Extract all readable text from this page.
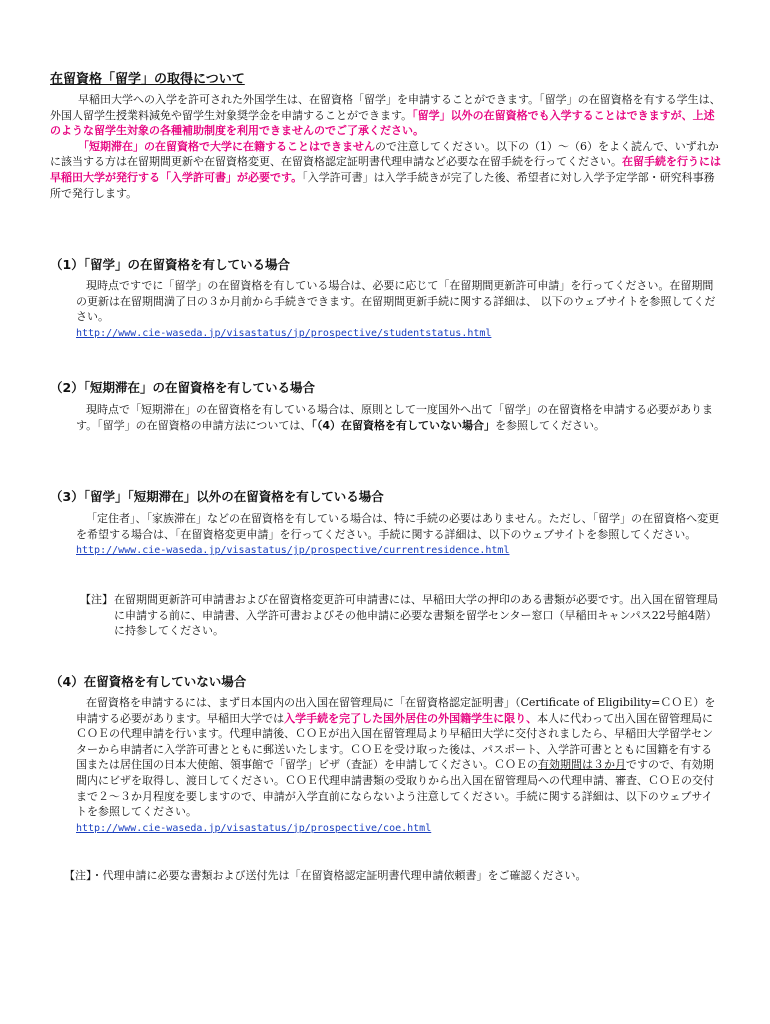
在留資格「留学」の取得について

早稲田大学への入学を許可された外国学生は、在留資格「留学」を申請することができます。「留学」の在留資格を有する学生は、外国人留学生授業料減免や留学生対象奨学金を申請することができます。「留学」以外の在留資格でも入学することはできますが、上述のような留学生対象の各種補助制度を利用できませんのでご了承ください。

「短期滞在」の在留資格で大学に在籍することはできませんので注意してください。以下の（1）～（6）をよく読んで、いずれかに該当する方は在留期間更新や在留資格変更、在留資格認定証明書代理申請など必要な在留手続を行ってください。在留手続を行うには早稲田大学が発行する「入学許可書」が必要です。「入学許可書」は入学手続きが完了した後、希望者に対し入学予定学部・研究科事務所で発行します。

（1）「留学」の在留資格を有している場合

現時点ですでに「留学」の在留資格を有している場合は、必要に応じて「在留期間更新許可申請」を行ってください。在留期間の更新は在留期間満了日の３か月前から手続きできます。在留期間更新手続に関する詳細は、 以下のウェブサイトを参照してください。

http://www.cie-waseda.jp/visastatus/jp/prospective/studentstatus.html

（2）「短期滞在」の在留資格を有している場合

現時点で「短期滞在」の在留資格を有している場合は、原則として一度国外へ出て「留学」の在留資格を申請する必要があります。「留学」の在留資格の申請方法については、「（4）在留資格を有していない場合」を参照してください。

（3）「留学」「短期滞在」以外の在留資格を有している場合

「定住者」、「家族滞在」などの在留資格を有している場合は、特に手続の必要はありません。ただし、「留学」の在留資格へ変更を希望する場合は、「在留資格変更申請」を行ってください。手続に関する詳細は、以下のウェブサイトを参照してください。

http://www.cie-waseda.jp/visastatus/jp/prospective/currentresidence.html

【注】 在留期間更新許可申請書および在留資格変更許可申請書には、早稲田大学の押印のある書類が必要です。出入国在留管理局に申請する前に、申請書、入学許可書およびその他申請に必要な書類を留学センター窓口（早稲田キャンパス22号館4階）に持参してください。
（4）在留資格を有していない場合

在留資格を申請するには、まず日本国内の出入国在留管理局に「在留資格認定証明書」（Certificate of Eligibility=ＣＯＥ）を申請する必要があります。早稲田大学では入学手続を完了した国外居住の外国籍学生に限り、本人に代わって出入国在留管理局にＣＯＥの代理申請を行います。代理申請後、ＣＯＥが出入国在留管理局より早稲田大学に交付されましたら、早稲田大学留学センターから申請者に入学許可書とともに郵送いたします。ＣＯＥを受け取った後は、パスポート、入学許可書とともに国籍を有する国または居住国の日本大使館、領事館で「留学」ビザ（査証）を申請してください。ＣＯＥの有効期間は３か月ですので、有効期間内にビザを取得し、渡日してください。ＣＯＥ代理申請書類の受取りから出入国在留管理局への代理申請、審査、ＣＯＥの交付まで２～３か月程度を要しますので、申請が入学直前にならないよう注意してください。手続に関する詳細は、以下のウェブサイトを参照してください。

http://www.cie-waseda.jp/visastatus/jp/prospective/coe.html

【注】・代理申請に必要な書類および送付先は「在留資格認定証明書代理申請依頼書」をご確認ください。
